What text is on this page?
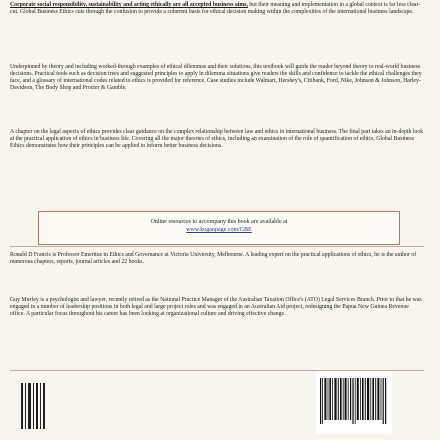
Corporate social responsibility, sustainability and acting ethically are all accepted business aims, but their meaning and implementation in a global context is far less clear-cut. Global Business Ethics cuts through the confusion to provide a coherent basis for ethical decision making within the complexities of the international business landscape.

Underpinned by theory and including worked-through examples of ethical dilemmas and their solutions, this textbook will guide the reader beyond theory to real-world business decisions. Practical tools such as decision trees and suggested principles to apply in dilemma situations give readers the skills and confidence to tackle the ethical challenges they face, and a glossary of international codes related to ethics is provided for reference. Case studies include Walmart, Hershey's, Citibank, Ford, Nike, Johnson & Johnson, Harley-Davidson, The Body Shop and Procter & Gamble.

A chapter on the legal aspects of ethics provides clear guidance on the complex relationship between law and ethics in international business. The final part takes an in-depth look at the practical application of ethics in business life. Covering all the major theories of ethics, including an examination of the role of quantification of ethics, Global Business Ethics demonstrates how their principles can be applied to inform better business decisions.

Online resources to accompany this book are available at
www.koganpage.com/GBE

Ronald D Francis is Professor Emeritus in Ethics and Governance at Victoria University, Melbourne. A leading expert on the practical applications of ethics, he is the author of numerous chapters, reports, journal articles and 22 books.

Guy Murfey is a psychologist and lawyer, recently retired as the National Practice Manager of the Australian Taxation Office's (ATO) Legal Services Branch. Prior to that he was engaged in a number of leadership positions in both legal and large project roles and was engaged in an Australian Aid project, redesigning the Papua New Guinea Revenue office. A particular focus throughout his career has been looking at organizational culture and driving effective change.
